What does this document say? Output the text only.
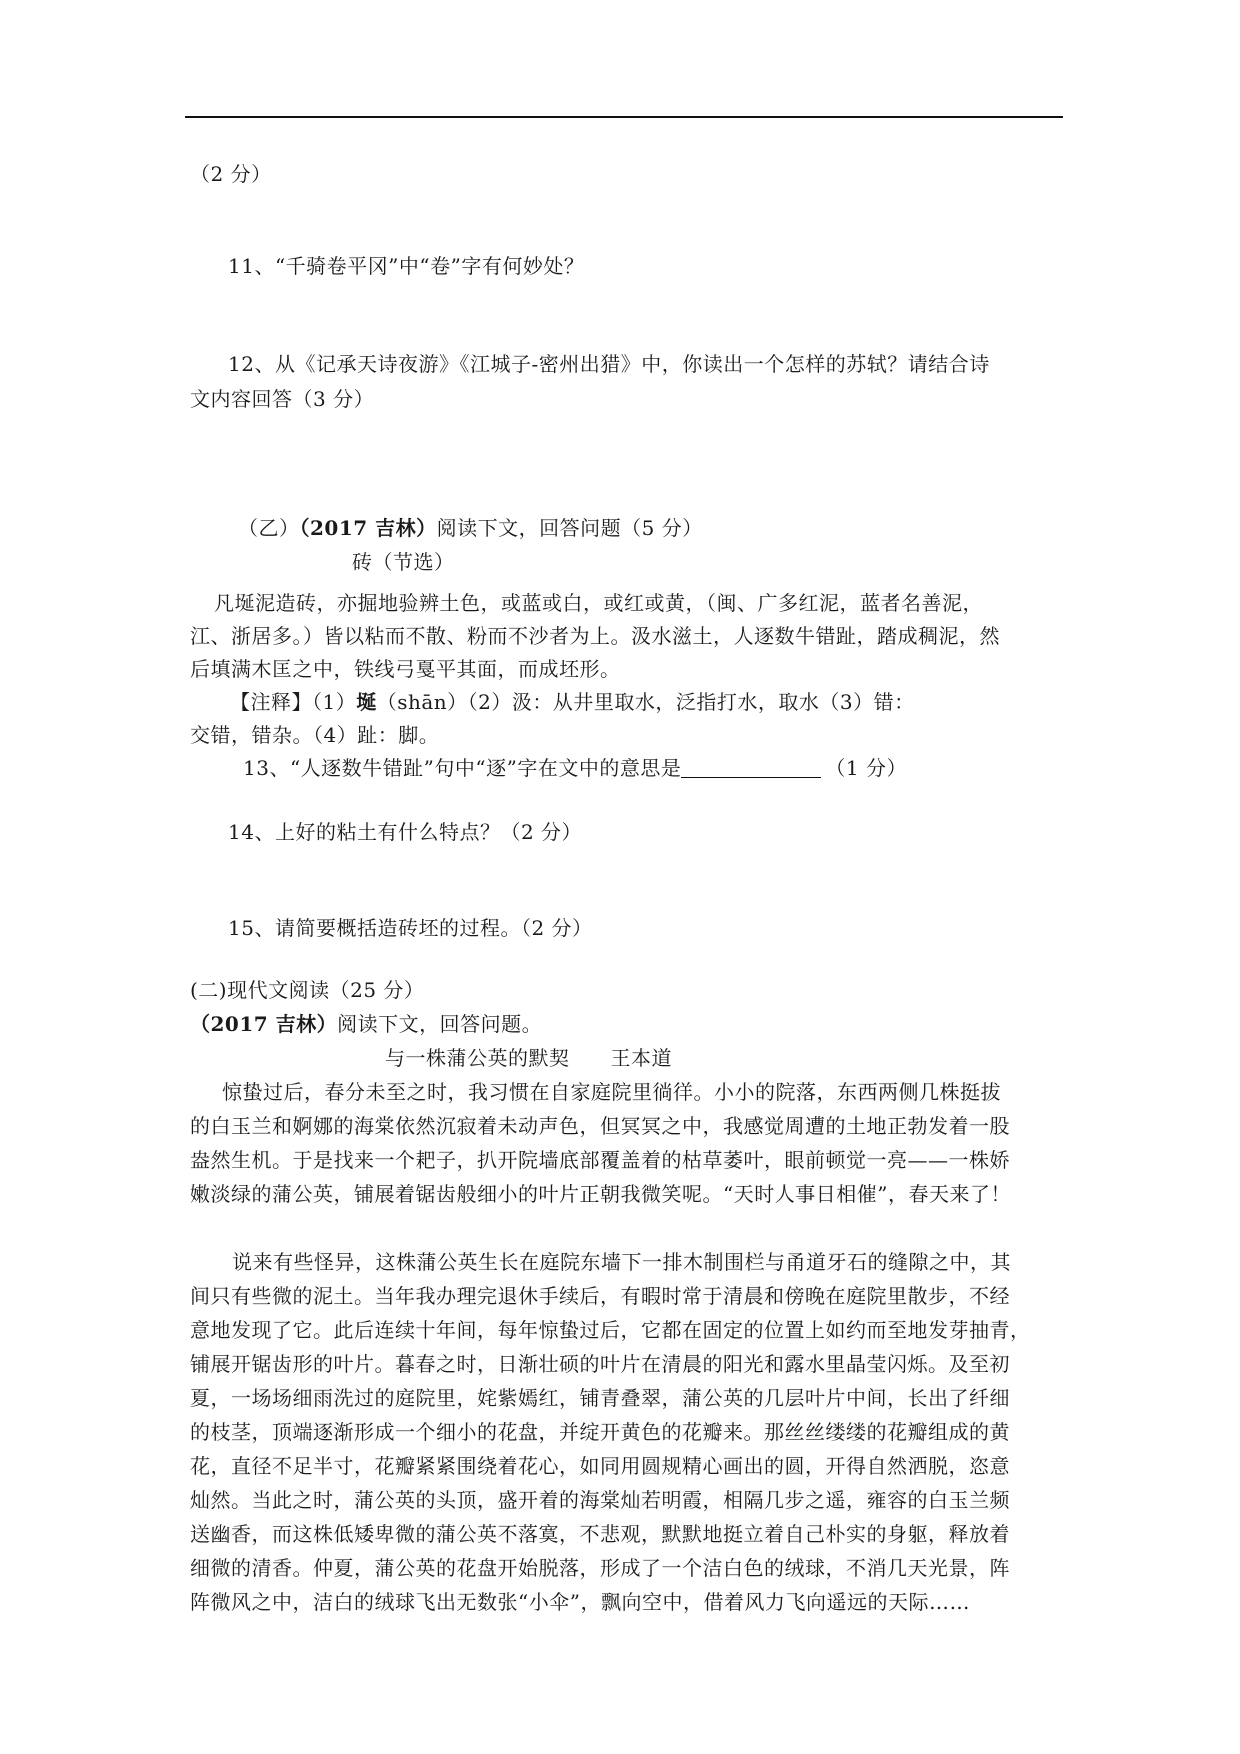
（2 分）
11、“千骑卷平冈”中“卷”字有何妙处？
12、从《记承天诗夜游》《江城子-密州出猎》中，你读出一个怎样的苏轼？请结合诗
文内容回答（3 分）
（乙）（2017 吉林）阅读下文，回答问题（5 分）
砖（节选）
凡埏泥造砖，亦掘地验辨土色，或蓝或白，或红或黄，（闽、广多红泥，蓝者名善泥，
江、浙居多。）皆以粘而不散、粉而不沙者为上。汲水滋土，人逐数牛错趾，踏成稠泥，然
后填满木匡之中，铁线弓戛平其面，而成坯形。
【注释】（1）埏（shān）（2）汲：从井里取水，泛指打水，取水（3）错：
交错，错杂。（4）趾：脚。
13、“人逐数牛错趾”句中“逐”字在文中的意思是	（1 分）
14、上好的粘土有什么特点？（2 分）
15、请简要概括造砖坯的过程。（2 分）
(二)现代文阅读（25 分）
（2017 吉林）阅读下文，回答问题。
与一株蒲公英的默契　　王本道
惊蛰过后，春分未至之时，我习惯在自家庭院里徜徉。小小的院落，东西两侧几株挺拔
的白玉兰和婀娜的海棠依然沉寂着未动声色，但冥冥之中，我感觉周遭的土地正勃发着一股
盎然生机。于是找来一个耙子，扒开院墙底部覆盖着的枯草萎叶，眼前顿觉一亮——一株娇
嫩淡绿的蒲公英，铺展着锯齿般细小的叶片正朝我微笑呢。“天时人事日相催”，春天来了！
说来有些怪异，这株蒲公英生长在庭院东墙下一排木制围栏与甬道牙石的缝隙之中，其
间只有些微的泥土。当年我办理完退休手续后，有暇时常于清晨和傍晚在庭院里散步，不经
意地发现了它。此后连续十年间，每年惊蛰过后，它都在固定的位置上如约而至地发芽抽青，
铺展开锯齿形的叶片。暮春之时，日渐壮硕的叶片在清晨的阳光和露水里晶莹闪烁。及至初
夏，一场场细雨洗过的庭院里，姹紫嫣红，铺青叠翠，蒲公英的几层叶片中间，长出了纤细
的枝茎，顶端逐渐形成一个细小的花盘，并绽开黄色的花瓣来。那丝丝缕缕的花瓣组成的黄
花，直径不足半寸，花瓣紧紧围绕着花心，如同用圆规精心画出的圆，开得自然洒脱，恣意
灿然。当此之时，蒲公英的头顶，盛开着的海棠灿若明霞，相隔几步之遥，雍容的白玉兰频
送幽香，而这株低矮卑微的蒲公英不落寞，不悲观，默默地挺立着自己朴实的身躯，释放着
细微的清香。仲夏，蒲公英的花盘开始脱落，形成了一个洁白色的绒球，不消几天光景，阵
阵微风之中，洁白的绒球飞出无数张“小伞”，飘向空中，借着风力飞向遥远的天际……
